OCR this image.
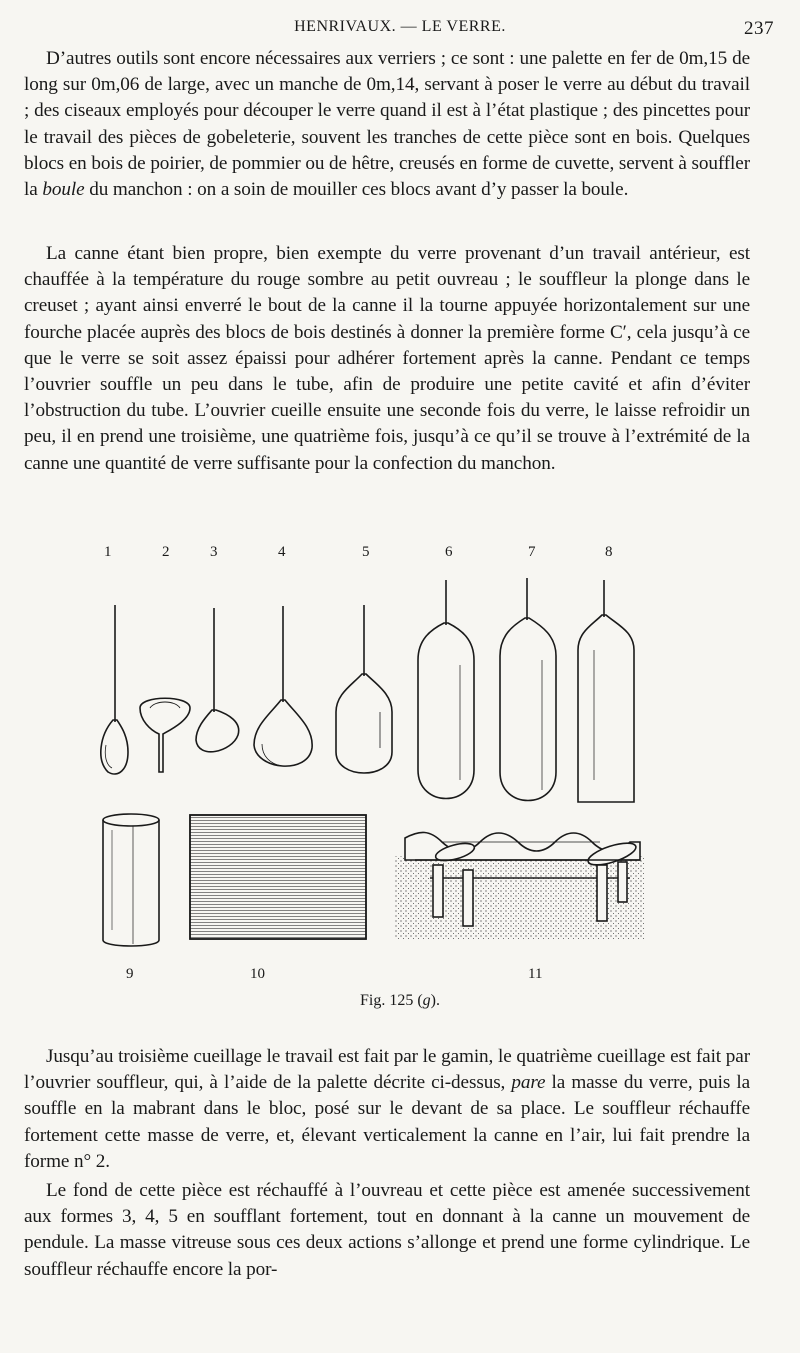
HENRIVAUX. — LE VERRE.	237

D’autres outils sont encore nécessaires aux verriers ; ce sont : une palette en fer de 0m,15 de long sur 0m,06 de large, avec un manche de 0m,14, servant à poser le verre au début du travail ; des ciseaux employés pour découper le verre quand il est à l’état plastique ; des pincettes pour le travail des pièces de gobeleterie, souvent les tranches de cette pièce sont en bois. Quelques blocs en bois de poirier, de pommier ou de hêtre, creusés en forme de cuvette, servent à souffler la boule du manchon : on a soin de mouiller ces blocs avant d’y passer la boule.

La canne étant bien propre, bien exempte du verre provenant d’un travail antérieur, est chauffée à la température du rouge sombre au petit ouvreau ; le souffleur la plonge dans le creuset ; ayant ainsi enverré le bout de la canne il la tourne appuyée horizontalement sur une fourche placée auprès des blocs de bois destinés à donner la première forme C′, cela jusqu’à ce que le verre se soit assez épaissi pour adhérer fortement après la canne. Pendant ce temps l’ouvrier souffle un peu dans le tube, afin de produire une petite cavité et afin d’éviter l’obstruction du tube. L’ouvrier cueille ensuite une seconde fois du verre, le laisse refroidir un peu, il en prend une troisième, une quatrième fois, jusqu’à ce qu’il se trouve à l’extrémité de la canne une quantité de verre suffisante pour la confection du manchon.

1	2	3	4	5	6	7	8
9	10	11
Fig. 125 (g).

Jusqu’au troisième cueillage le travail est fait par le gamin, le quatrième cueillage est fait par l’ouvrier souffleur, qui, à l’aide de la palette décrite ci-dessus, pare la masse du verre, puis la souffle en la mabrant dans le bloc, posé sur le devant de sa place. Le souffleur réchauffe fortement cette masse de verre, et, élevant verticalement la canne en l’air, lui fait prendre la forme n° 2.

Le fond de cette pièce est réchauffé à l’ouvreau et cette pièce est amenée successivement aux formes 3, 4, 5 en soufflant fortement, tout en donnant à la canne un mouvement de pendule. La masse vitreuse sous ces deux actions s’allonge et prend une forme cylindrique. Le souffleur réchauffe encore la por-
